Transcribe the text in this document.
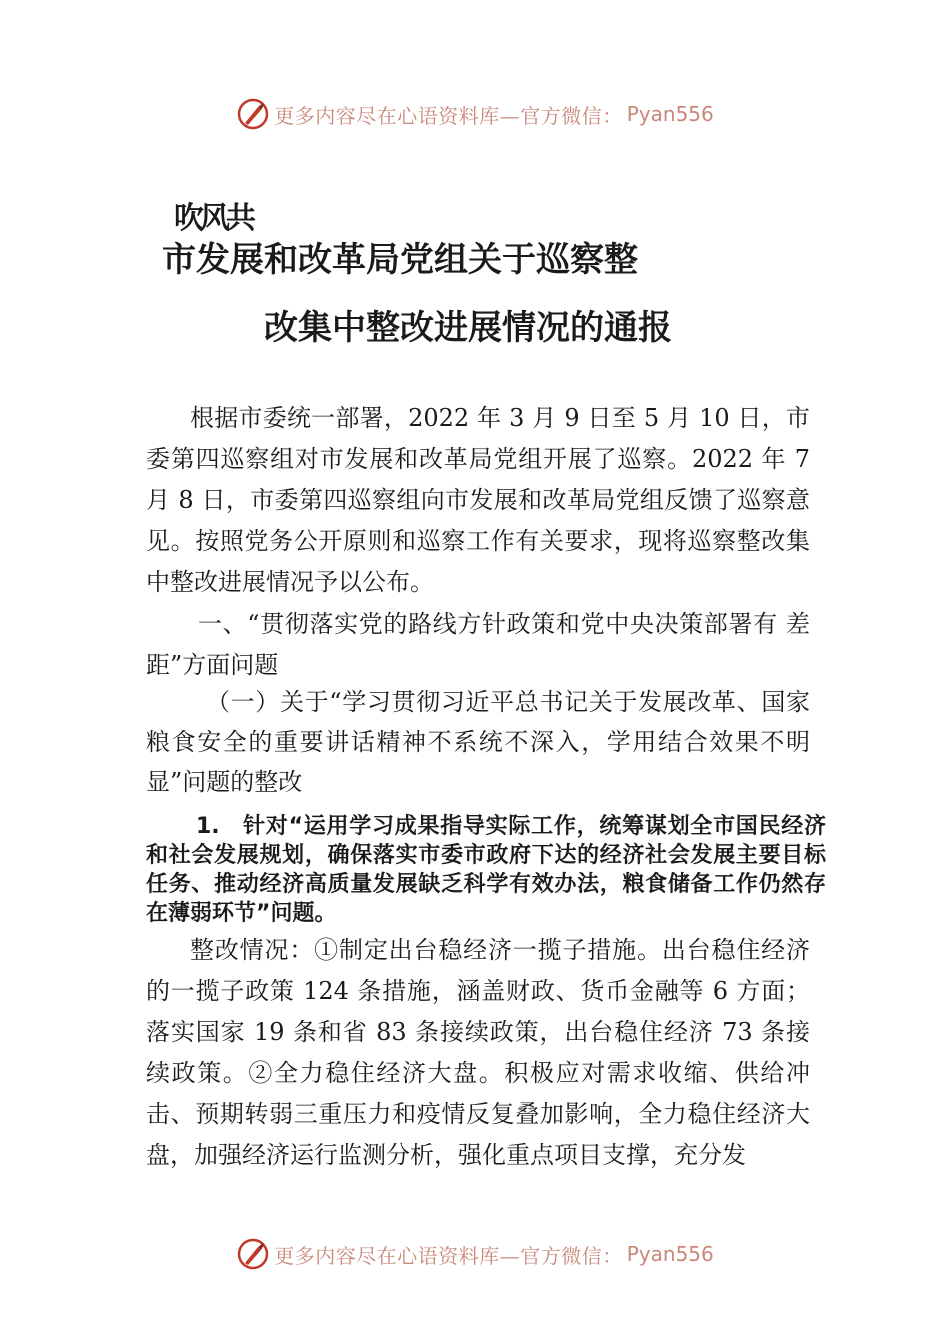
更多内容尽在心语资料库—官方微信： Pyan556
吹风共
市发展和改革局党组关于巡察整
改集中整改进展情况的通报
根据市委统一部署，2022 年 3 月 9 日至 5 月 10 日，市委第四巡察组对市发展和改革局党组开展了巡察。2022 年 7 月 8 日，市委第四巡察组向市发展和改革局党组反馈了巡察意见。按照党务公开原则和巡察工作有关要求，现将巡察整改集中整改进展情况予以公布。
一、“贯彻落实党的路线方针政策和党中央决策部署有 差距”方面问题
（一）关于“学习贯彻习近平总书记关于发展改革、国家粮食安全的重要讲话精神不系统不深入，学用结合效果不明显”问题的整改
1.　针对“运用学习成果指导实际工作，统筹谋划全市国民经济和社会发展规划，确保落实市委市政府下达的经济社会发展主要目标任务、推动经济高质量发展缺乏科学有效办法，粮食储备工作仍然存在薄弱环节”问题。
整改情况：①制定出台稳经济一揽子措施。出台稳住经济的一揽子政策 124 条措施，涵盖财政、货币金融等 6 方面；落实国家 19 条和省 83 条接续政策，出台稳住经济 73 条接续政策。②全力稳住经济大盘。积极应对需求收缩、供给冲击、预期转弱三重压力和疫情反复叠加影响，全力稳住经济大盘，加强经济运行监测分析，强化重点项目支撑，充分发
更多内容尽在心语资料库—官方微信： Pyan556
